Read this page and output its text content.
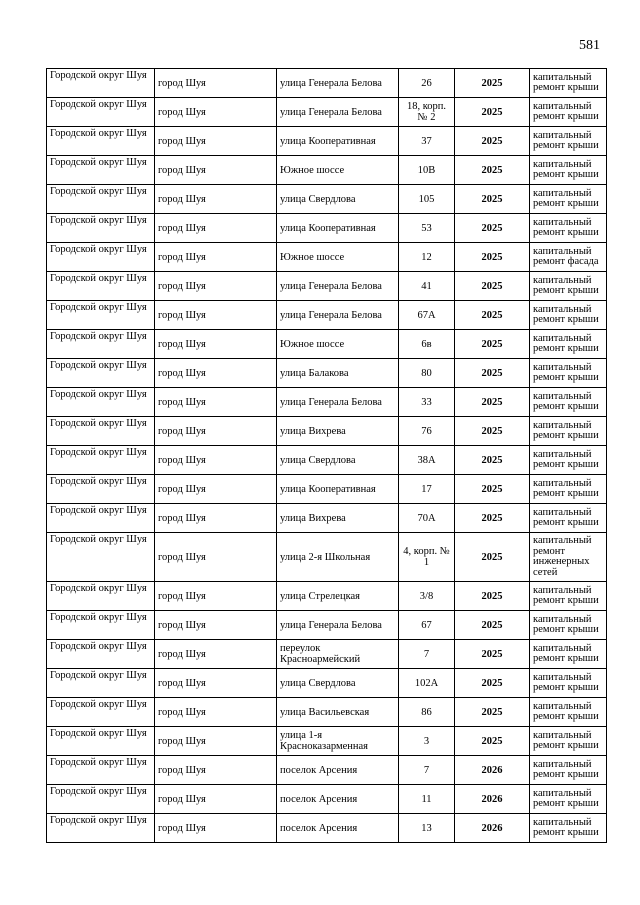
581
Городской округ Шуя	город Шуя	улица Генерала Белова	26	2025	капитальный ремонт крыши
Городской округ Шуя	город Шуя	улица Генерала Белова	18, корп. № 2	2025	капитальный ремонт крыши
Городской округ Шуя	город Шуя	улица Кооперативная	37	2025	капитальный ремонт крыши
Городской округ Шуя	город Шуя	Южное шоссе	10В	2025	капитальный ремонт крыши
Городской округ Шуя	город Шуя	улица Свердлова	105	2025	капитальный ремонт крыши
Городской округ Шуя	город Шуя	улица Кооперативная	53	2025	капитальный ремонт крыши
Городской округ Шуя	город Шуя	Южное шоссе	12	2025	капитальный ремонт фасада
Городской округ Шуя	город Шуя	улица Генерала Белова	41	2025	капитальный ремонт крыши
Городской округ Шуя	город Шуя	улица Генерала Белова	67А	2025	капитальный ремонт крыши
Городской округ Шуя	город Шуя	Южное шоссе	6в	2025	капитальный ремонт крыши
Городской округ Шуя	город Шуя	улица Балакова	80	2025	капитальный ремонт крыши
Городской округ Шуя	город Шуя	улица Генерала Белова	33	2025	капитальный ремонт крыши
Городской округ Шуя	город Шуя	улица Вихрева	76	2025	капитальный ремонт крыши
Городской округ Шуя	город Шуя	улица Свердлова	38А	2025	капитальный ремонт крыши
Городской округ Шуя	город Шуя	улица Кооперативная	17	2025	капитальный ремонт крыши
Городской округ Шуя	город Шуя	улица Вихрева	70А	2025	капитальный ремонт крыши
Городской округ Шуя	город Шуя	улица 2-я Школьная	4, корп. № 1	2025	капитальный ремонт инженерных сетей
Городской округ Шуя	город Шуя	улица Стрелецкая	3/8	2025	капитальный ремонт крыши
Городской округ Шуя	город Шуя	улица Генерала Белова	67	2025	капитальный ремонт крыши
Городской округ Шуя	город Шуя	переулок Красноармейский	7	2025	капитальный ремонт крыши
Городской округ Шуя	город Шуя	улица Свердлова	102А	2025	капитальный ремонт крыши
Городской округ Шуя	город Шуя	улица Васильевская	86	2025	капитальный ремонт крыши
Городской округ Шуя	город Шуя	улица 1-я Красноказарменная	3	2025	капитальный ремонт крыши
Городской округ Шуя	город Шуя	поселок Арсения	7	2026	капитальный ремонт крыши
Городской округ Шуя	город Шуя	поселок Арсения	11	2026	капитальный ремонт крыши
Городской округ Шуя	город Шуя	поселок Арсения	13	2026	капитальный ремонт крыши
